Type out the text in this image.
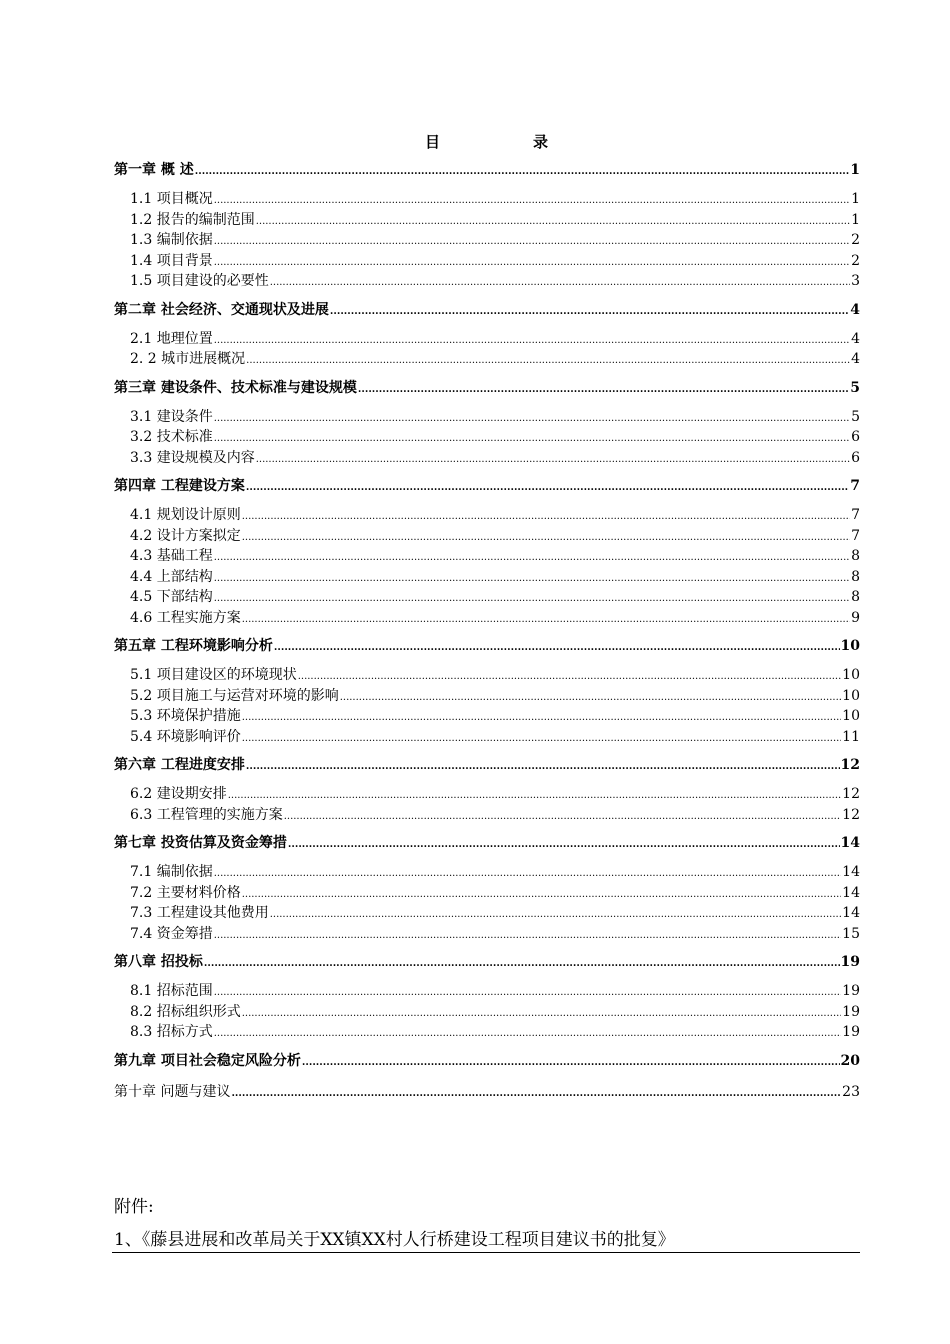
目	录
第一章 概 述 .....	1
1.1 项目概况 .....	1
1.2 报告的编制范围 .....	1
1.3 编制依据 .....	2
1.4 项目背景 .....	2
1.5 项目建设的必要性 .....	3
第二章 社会经济、交通现状及进展 .....	4
2.1 地理位置 .....	4
2. 2 城市进展概况 .....	4
第三章 建设条件、技术标准与建设规模 .....	5
3.1 建设条件 .....	5
3.2 技术标准 .....	6
3.3 建设规模及内容 .....	6
第四章 工程建设方案 .....	7
4.1 规划设计原则 .....	7
4.2 设计方案拟定 .....	7
4.3 基础工程 .....	8
4.4 上部结构 .....	8
4.5 下部结构 .....	8
4.6 工程实施方案 .....	9
第五章 工程环境影响分析 .....	10
5.1 项目建设区的环境现状 .....	10
5.2 项目施工与运营对环境的影响 .....	10
5.3 环境保护措施 .....	10
5.4 环境影响评价 .....	11
第六章 工程进度安排 .....	12
6.2 建设期安排 .....	12
6.3 工程管理的实施方案 .....	12
第七章 投资估算及资金筹措 .....	14
7.1 编制依据 .....	14
7.2 主要材料价格 .....	14
7.3 工程建设其他费用 .....	14
7.4 资金筹措 .....	15
第八章 招投标 .....	19
8.1 招标范围 .....	19
8.2 招标组织形式 .....	19
8.3 招标方式 .....	19
第九章 项目社会稳定风险分析 .....	20
第十章 问题与建议 .....	23
附件:
1、《藤县进展和改革局关于XX镇XX村人行桥建设工程项目建议书的批复》
